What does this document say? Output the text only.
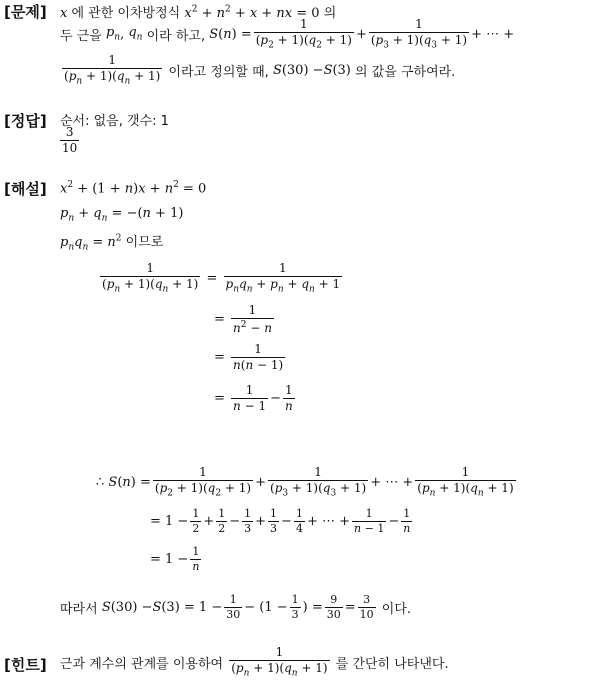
[문제] x 에 관한 이차방정식 $x^2 + n^2 + x$ + nx = 0 의
두 근을
$p_n$ , $q_n$
이라 하고,
S ( n ) = $\frac{1}{(p_2 + 1)(q_2 + 1)} + \frac{1}{(p_3 + 1)(q_3 + 1)}$ + ⋯ +
$\frac{1}{(p_n + 1)(q_n + 1)}$
이라고 정의할 때,
S (30) − S (3) 의 값을 구하여라.
[정답] 순서: 없음, 갯수: 1
$\frac{3}{10}$
[해설] $x^2 + (1 + n)x + n^2 = 0$
$p_n + q_n = -(n + 1)$
$p_nq_n = n^2$ 이므로
$\frac{1}{(p_n + 1)(q_n + 1)} = \frac{1}{p_nq_n + p_n + q_n + 1}$
= $\frac{1}{n^2 - n}$
= $\frac{1}{n(n - 1)}$
= $\frac{1}{n - 1} - \frac{1}{n}$
∴ S ( n ) = $\frac{1}{(p_2 + 1)(q_2 + 1)} + \frac{1}{(p_3 + 1)(q_3 + 1)}$ + ⋯ + $\frac{1}{(p_n + 1)(q_n + 1)}$
= $1 - \frac{1}{2} + \frac{1}{2} - \frac{1}{3} + \frac{1}{3} - \frac{1}{4}$ + ⋯ + $\frac{1}{n - 1} - \frac{1}{n}$
= $1 - \frac{1}{n}$
따라서
S (30) − S $(3) = 1 - \frac{1}{30} - (1 - \frac{1}{3}$ ) = $\frac{9}{30} = \frac{3}{10}$
이다.
[힌트] 근과 계수의 관계를 이용하여
$\frac{1}{(p_n + 1)(q_n + 1)}$
를 간단히 나타낸다.
